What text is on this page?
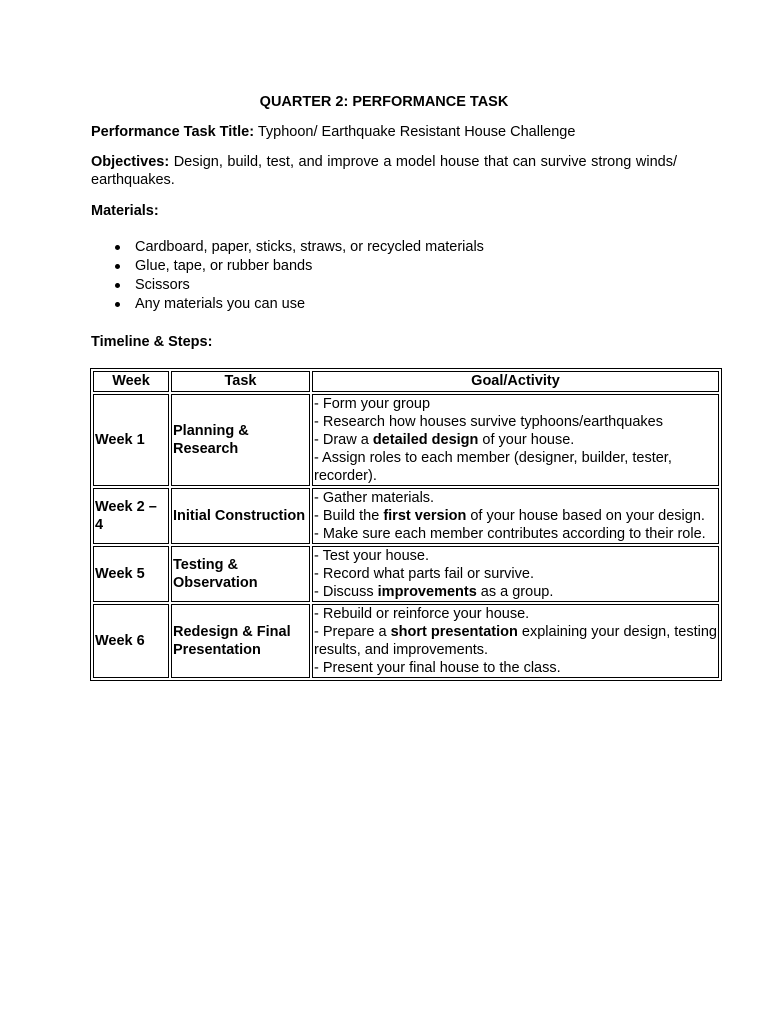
QUARTER 2: PERFORMANCE TASK
Performance Task Title: Typhoon/ Earthquake Resistant House Challenge
Objectives: Design, build, test, and improve a model house that can survive strong winds/ earthquakes.
Materials:
Cardboard, paper, sticks, straws, or recycled materials
Glue, tape, or rubber bands
Scissors
Any materials you can use
Timeline & Steps:
Week	Task	Goal/Activity
Week 1	Planning & Research	- Form your group
- Research how houses survive typhoons/earthquakes
- Draw a detailed design of your house.
- Assign roles to each member (designer, builder, tester, recorder).

Week 2 – 4	Initial Construction	- Gather materials.
- Build the first version of your house based on your design.
- Make sure each member contributes according to their role.

Week 5	Testing & Observation	- Test your house.
- Record what parts fail or survive.
- Discuss improvements as a group.

Week 6	Redesign & Final Presentation	- Rebuild or reinforce your house.
- Prepare a short presentation explaining your design, testing results, and improvements.
- Present your final house to the class.
